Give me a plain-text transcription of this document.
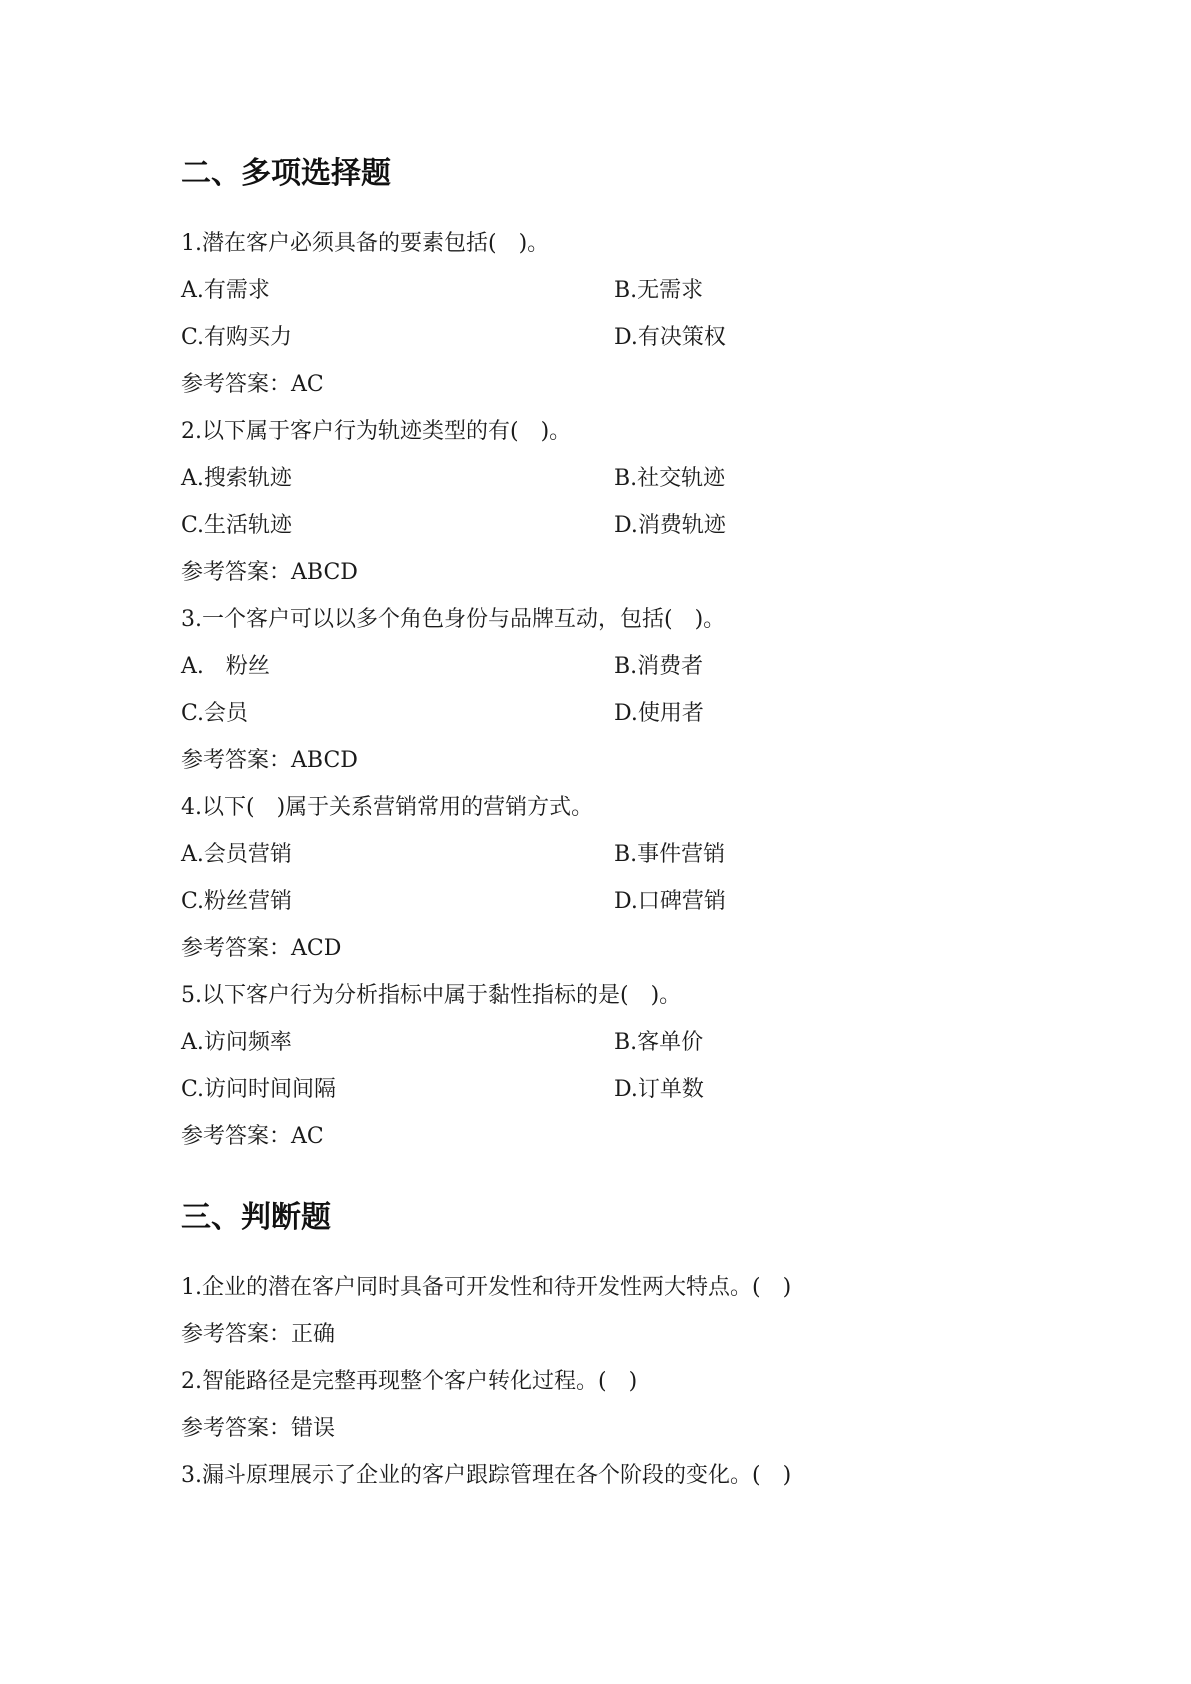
二、多项选择题
1.潜在客户必须具备的要素包括(　)。
A.有需求	B.无需求
C.有购买力	D.有决策权
参考答案：AC
2.以下属于客户行为轨迹类型的有(　)。
A.搜索轨迹	B.社交轨迹
C.生活轨迹	D.消费轨迹
参考答案：ABCD
3.一个客户可以以多个角色身份与品牌互动，包括(　)。
A.　粉丝	B.消费者
C.会员	D.使用者
参考答案：ABCD
4.以下(　)属于关系营销常用的营销方式。
A.会员营销	B.事件营销
C.粉丝营销	D.口碑营销
参考答案：ACD
5.以下客户行为分析指标中属于黏性指标的是(　)。
A.访问频率	B.客单价
C.访问时间间隔	D.订单数
参考答案：AC
三、判断题
1.企业的潜在客户同时具备可开发性和待开发性两大特点。(　)
参考答案：正确
2.智能路径是完整再现整个客户转化过程。(　)
参考答案：错误
3.漏斗原理展示了企业的客户跟踪管理在各个阶段的变化。(　)
